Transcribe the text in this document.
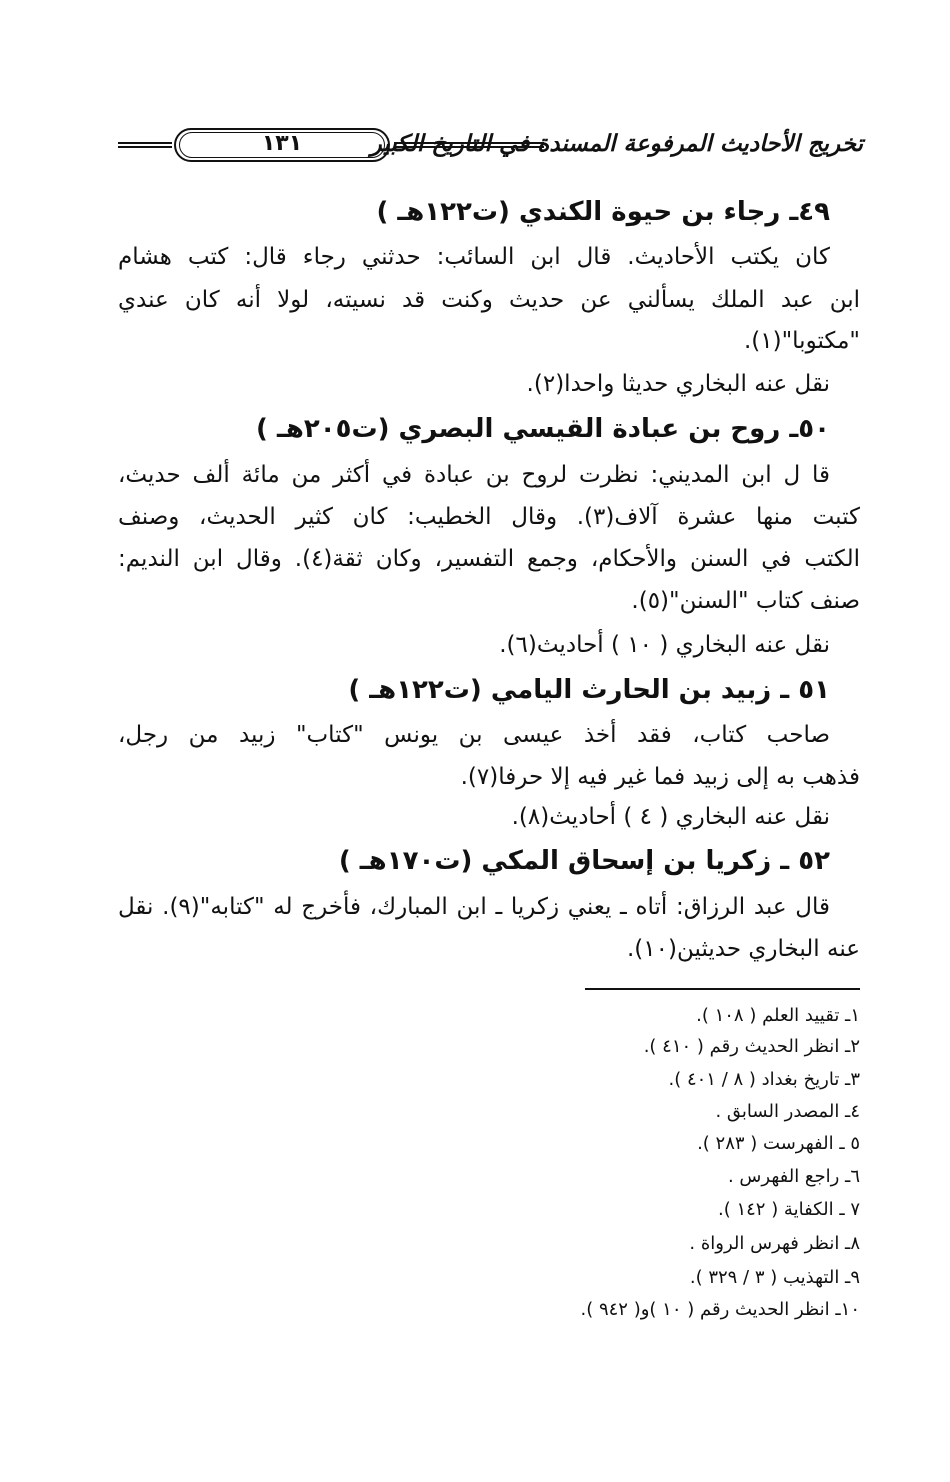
١٣١	تخريج الأحاديث المرفوعة المسندة في التاريخ الكبير
٤٩ـ رجاء بن حيوة الكندي (ت١٢٢هـ )
كان يكتب الأحاديث. قال ابن السائب: حدثني رجاء قال: كتب هشام
ابن عبد الملك يسألني عن حديث وكنت قد نسيته، لولا أنه كان عندي
"مكتوبا"(١).
نقل عنه البخاري حديثا واحدا(٢).
٥٠ـ روح بن عبادة القيسي البصري (ت٢٠٥هـ )
قا ل ابن المديني: نظرت لروح بن عبادة في أكثر من مائة ألف حديث،
كتبت منها عشرة آلاف(٣). وقال الخطيب: كان كثير الحديث، وصنف
الكتب في السنن والأحكام، وجمع التفسير، وكان ثقة(٤). وقال ابن النديم:
صنف كتاب "السنن"(٥).
نقل عنه البخاري ( ١٠ ) أحاديث(٦).
٥١ ـ زبيد بن الحارث اليامي (ت١٢٢هـ )
صاحب كتاب، فقد أخذ عيسى بن يونس "كتاب" زبيد من رجل،
فذهب به إلى زبيد فما غير فيه إلا حرفا(٧).
نقل عنه البخاري ( ٤ ) أحاديث(٨).
٥٢ ـ زكريا بن إسحاق المكي (ت١٧٠هـ )
قال عبد الرزاق: أتاه ـ يعني زكريا ـ ابن المبارك، فأخرج له "كتابه"(٩). نقل
عنه البخاري حديثين(١٠).
١ـ تقييد العلم ( ١٠٨ ).
٢ـ انظر الحديث رقم ( ٤١٠ ).
٣ـ تاريخ بغداد ( ٨ / ٤٠١ ).
٤ـ المصدر السابق .
٥ ـ الفهرست ( ٢٨٣ ).
٦ـ راجع الفهرس .
٧ ـ الكفاية ( ١٤٢ ).
٨ـ انظر فهرس الرواة .
٩ـ التهذيب ( ٣ / ٣٢٩ ).
١٠ـ انظر الحديث رقم ( ١٠ )و( ٩٤٢ ).
